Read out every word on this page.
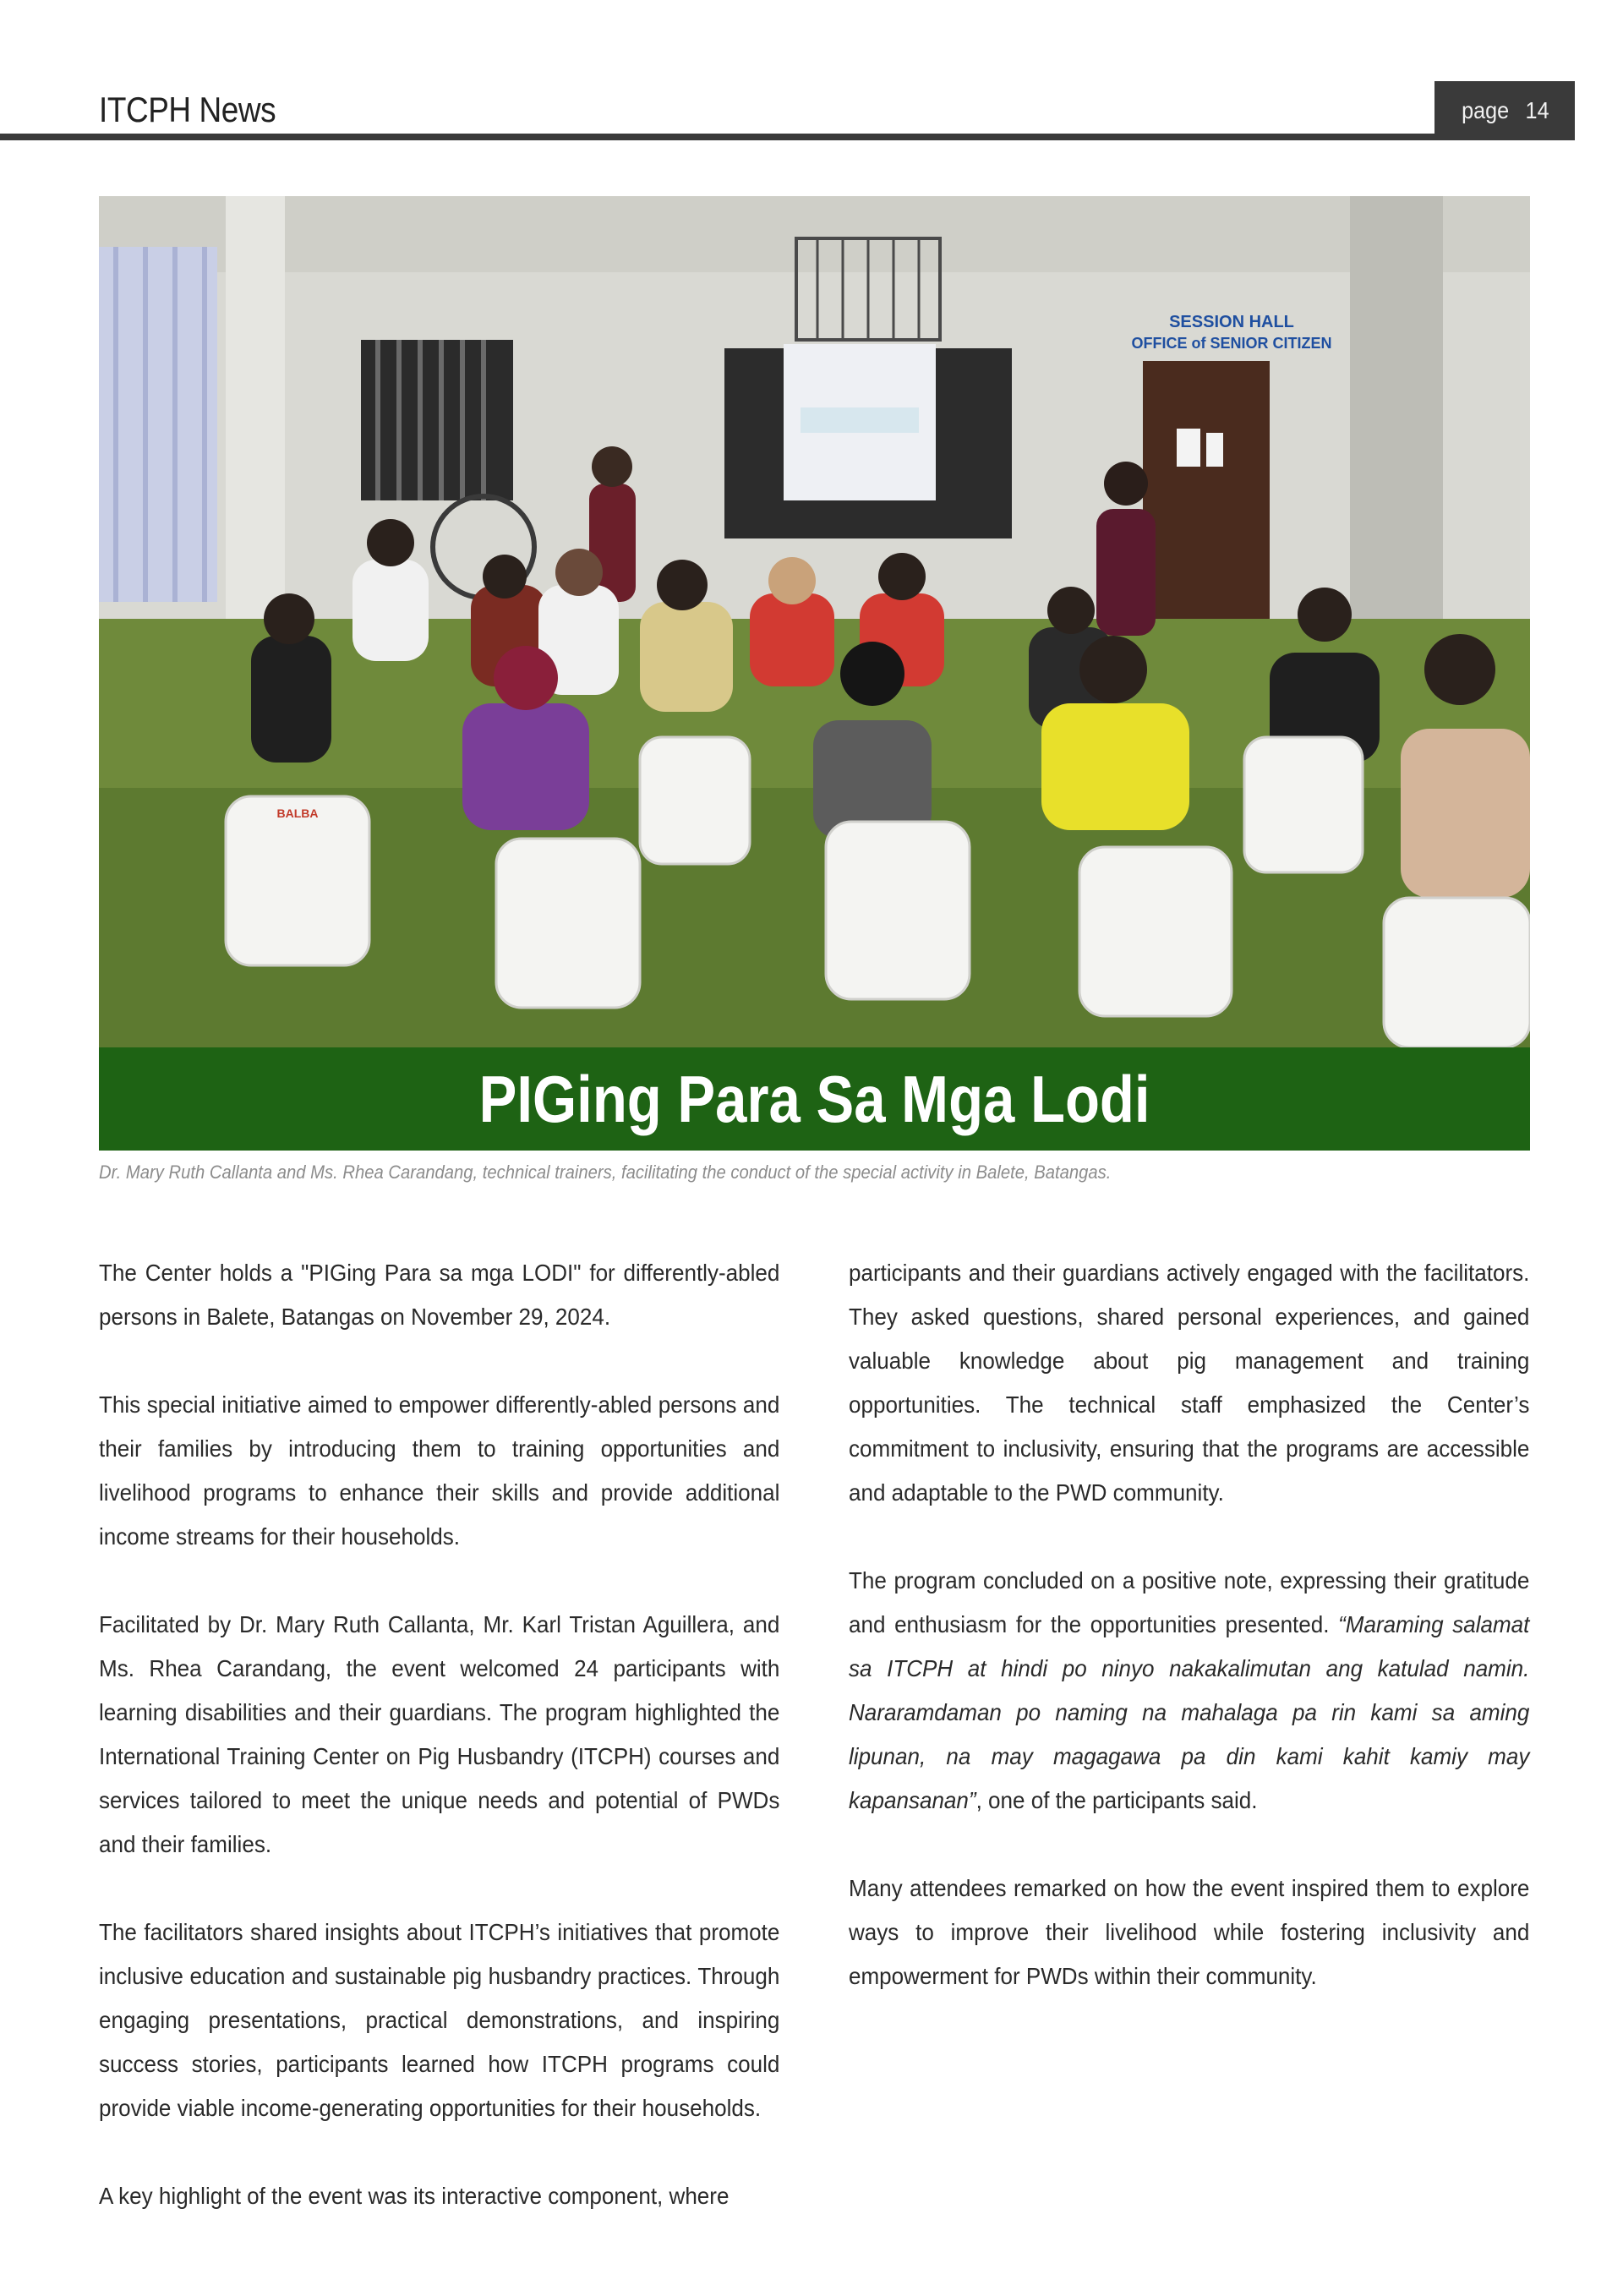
ITCPH News	page 14
SESSION HALL
OFFICE of SENIOR CITIZEN
BALBA
PIGing Para Sa Mga Lodi
Dr. Mary Ruth Callanta and Ms. Rhea Carandang, technical trainers, facilitating the conduct of the special activity in Balete, Batangas.

The Center holds a "PIGing Para sa mga LODI" for differently-abled persons in Balete, Batangas on November 29, 2024.

This special initiative aimed to empower differently-abled persons and their families by introducing them to training opportunities and livelihood programs to enhance their skills and provide additional income streams for their households.

Facilitated by Dr. Mary Ruth Callanta, Mr. Karl Tristan Aguillera, and Ms. Rhea Carandang, the event welcomed 24 participants with learning disabilities and their guardians. The program highlighted the International Training Center on Pig Husbandry (ITCPH) courses and services tailored to meet the unique needs and potential of PWDs and their families.

The facilitators shared insights about ITCPH’s initiatives that promote inclusive education and sustainable pig husbandry practices. Through engaging presentations, practical demonstrations, and inspiring success stories, participants learned how ITCPH programs could provide viable income-generating opportunities for their households.

A key highlight of the event was its interactive component, where

participants and their guardians actively engaged with the facilitators. They asked questions, shared personal experiences, and gained valuable knowledge about pig management and training opportunities. The technical staff emphasized the Center’s commitment to inclusivity, ensuring that the programs are accessible and adaptable to the PWD community.

The program concluded on a positive note, expressing their gratitude and enthusiasm for the opportunities presented. “Maraming salamat sa ITCPH at hindi po ninyo nakakalimutan ang katulad namin. Nararamdaman po naming na mahalaga pa rin kami sa aming lipunan, na may magagawa pa din kami kahit kamiy may kapansanan”, one of the participants said.

Many attendees remarked on how the event inspired them to explore ways to improve their livelihood while fostering inclusivity and empowerment for PWDs within their community.
